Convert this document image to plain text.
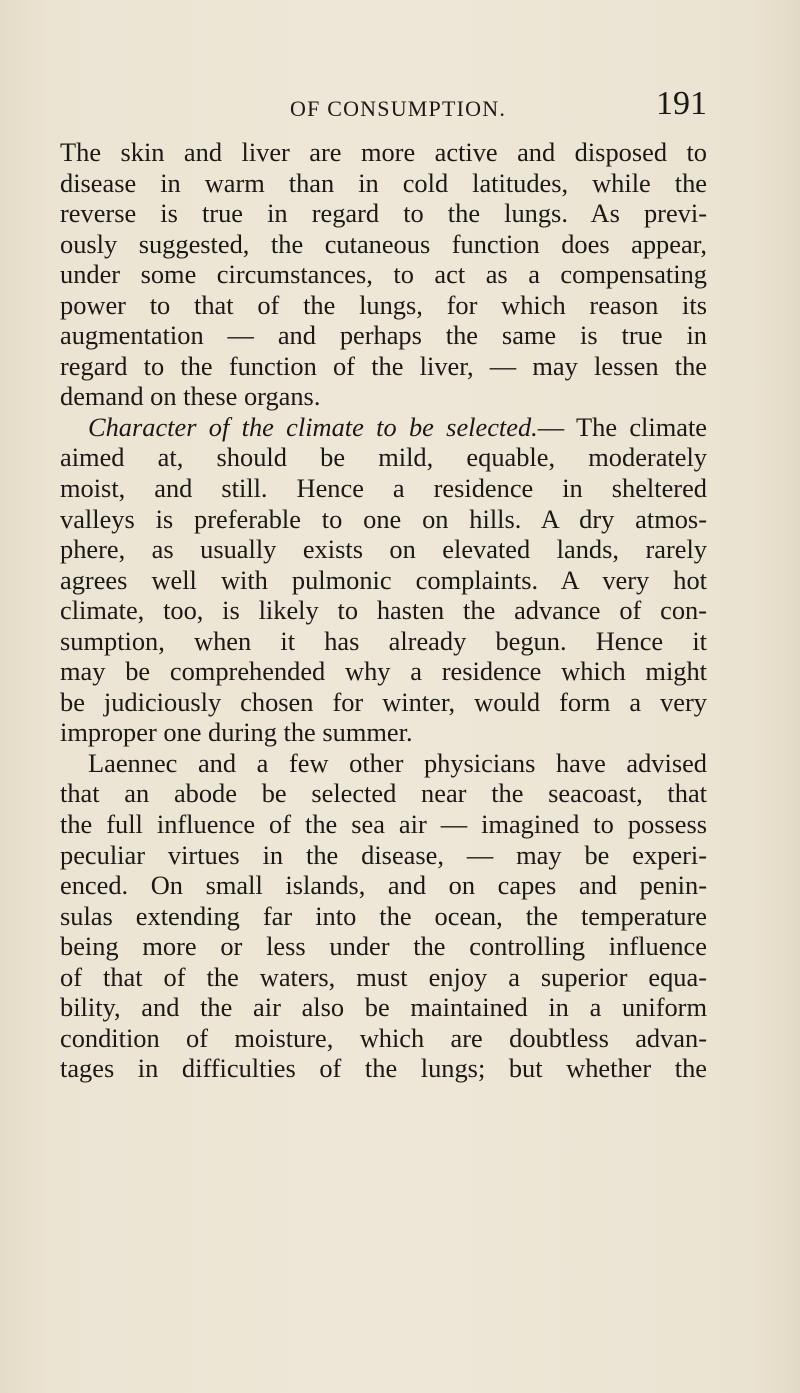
OF CONSUMPTION.	191
The skin and liver are more active and disposed to
disease in warm than in cold latitudes, while the
reverse is true in regard to the lungs. As previ-
ously suggested, the cutaneous function does appear,
under some circumstances, to act as a compensating
power to that of the lungs, for which reason its
augmentation — and perhaps the same is true in
regard to the function of the liver, — may lessen the
demand on these organs.
Character of the climate to be selected.— The climate
aimed at, should be mild, equable, moderately
moist, and still. Hence a residence in sheltered
valleys is preferable to one on hills. A dry atmos-
phere, as usually exists on elevated lands, rarely
agrees well with pulmonic complaints. A very hot
climate, too, is likely to hasten the advance of con-
sumption, when it has already begun. Hence it
may be comprehended why a residence which might
be judiciously chosen for winter, would form a very
improper one during the summer.
Laennec and a few other physicians have advised
that an abode be selected near the seacoast, that
the full influence of the sea air — imagined to possess
peculiar virtues in the disease, — may be experi-
enced. On small islands, and on capes and penin-
sulas extending far into the ocean, the temperature
being more or less under the controlling influence
of that of the waters, must enjoy a superior equa-
bility, and the air also be maintained in a uniform
condition of moisture, which are doubtless advan-
tages in difficulties of the lungs; but whether the
